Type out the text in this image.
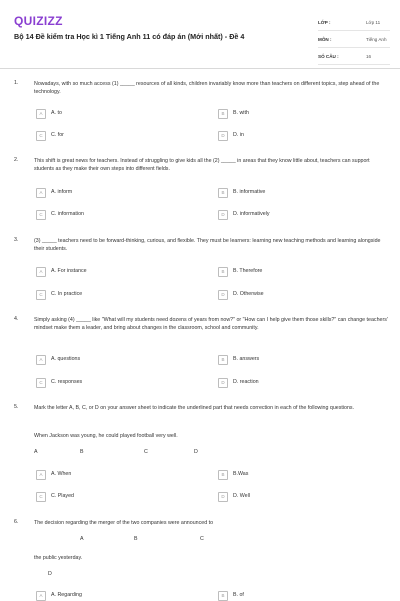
QUIZIZZ
Bộ 14 Đề kiểm tra Học kì 1 Tiếng Anh 11 có đáp án (Mới nhất) - Đề 4
LỚP :	Lớp 11
MÔN :	Tiếng Anh
SỐ CÂU :	16
1.	Nowadays, with so much access (1) _____ resources of all kinds, children invariably know more than teachers on different topics, step ahead of the technology.
A	A. to	B	B. with
C	C. for	D	D. in
2.	This shift is great news for teachers. Instead of struggling to give kids all the (2) _____ in areas that they know little about, teachers can support students as they make their own steps into different fields.
A	A. inform	B	B. informative
C	C. information	D	D. informatively
3.	(3) _____ teachers need to be forward-thinking, curious, and flexible. They must be learners: learning new teaching methods and learning alongside their students.
A	A. For instance	B	B. Therefore
C	C. In practice	D	D. Otherwise
4.	Simply asking (4) _____ like "What will my students need dozens of years from now?" or "How can I help give them those skills?" can change teachers' mindset make them a leader, and bring about changes in the classroom, school and community.
A	A. questions	B	B. answers
C	C. responses	D	D. reaction
5.	Mark the letter A, B, C, or D on your answer sheet to indicate the underlined part that needs correction in each of the following questions.
When Jackson was young, he could played football very well.
A	B	C	D
A	A. When	B	B.Was
C	C. Played	D	D. Well
6.	The decision regarding the merger of the two companies were announced to
A	B	C
the public yesterday.
D
A	A. Regarding	B	B. of
